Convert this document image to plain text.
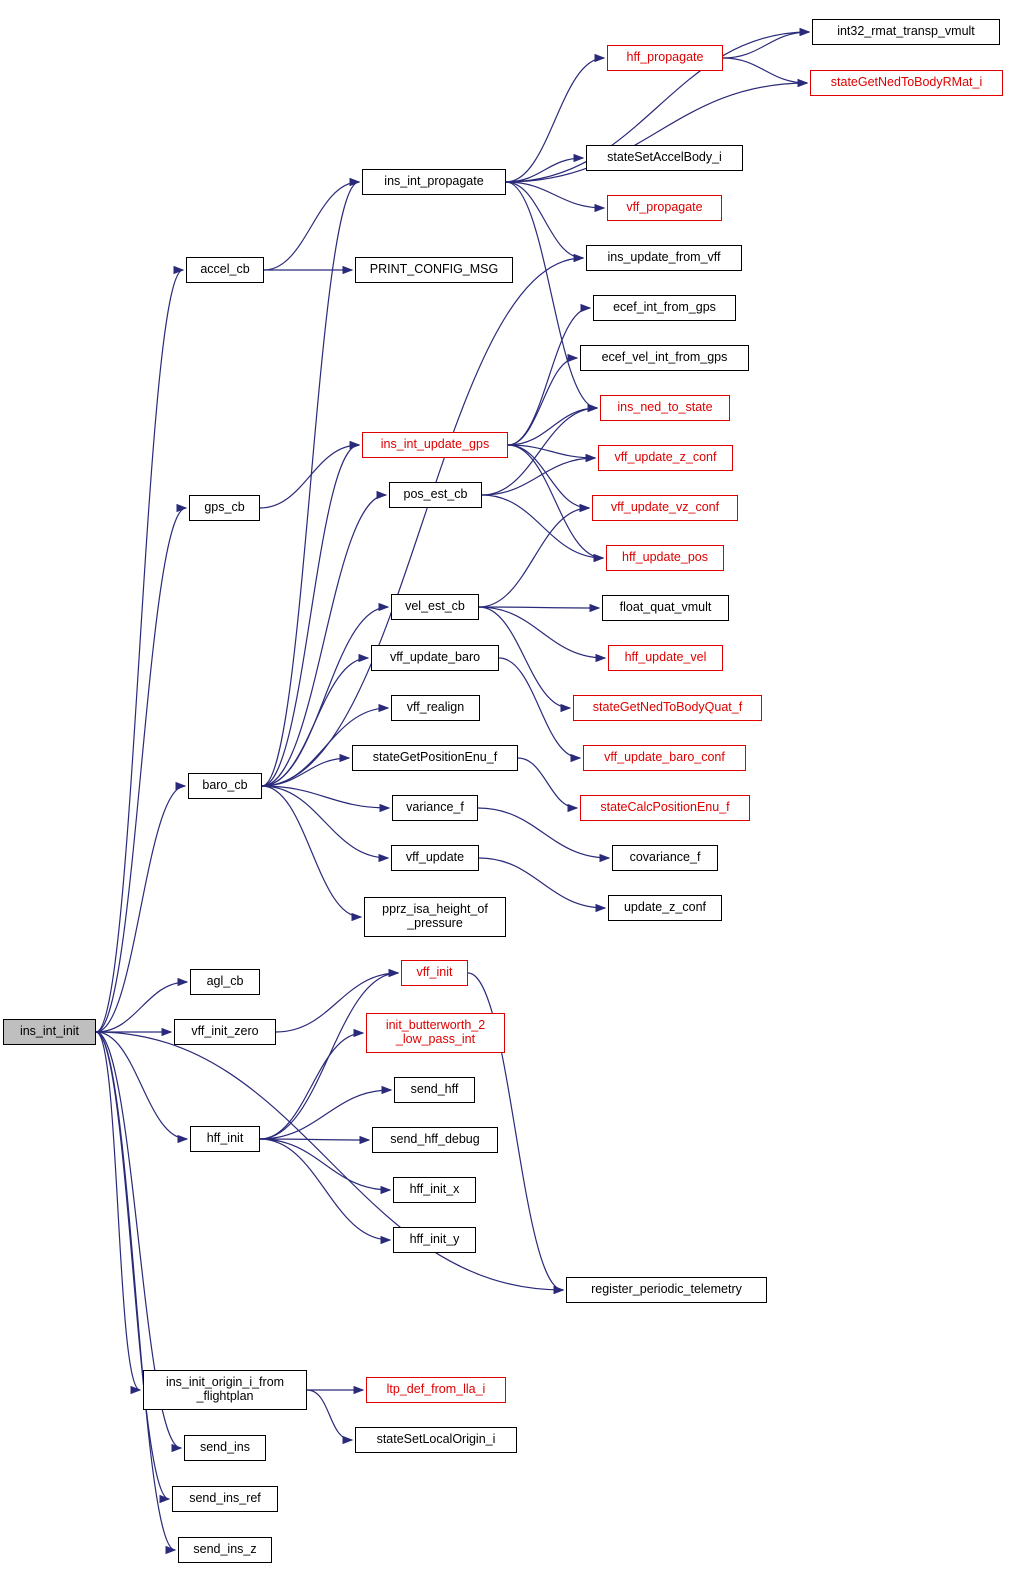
ins_int_init
accel_cb
ins_int_propagate
PRINT_CONFIG_MSG
int32_rmat_transp_vmult
hff_propagate
stateGetNedToBodyRMat_i
stateSetAccelBody_i
vff_propagate
ins_update_from_vff
ecef_int_from_gps
ecef_vel_int_from_gps
ins_ned_to_state
ins_int_update_gps
vff_update_z_conf
gps_cb
pos_est_cb
vff_update_vz_conf
hff_update_pos
vel_est_cb	float_quat_vmult
hff_update_vel
vff_update_baro
stateGetNedToBodyQuat_f
vff_realign
vff_update_baro_conf
stateGetPositionEnu_f
baro_cb
stateCalcPositionEnu_f
variance_f
covariance_f
vff_update
update_z_conf
pprz_isa_height_of
_pressure
agl_cb
vff_init
vff_init_zero	init_butterworth_2
_low_pass_int
send_hff
hff_init	send_hff_debug
hff_init_x
hff_init_y
register_periodic_telemetry
ins_init_origin_i_from
_flightplan	ltp_def_from_lla_i
send_ins
stateSetLocalOrigin_i
send_ins_ref
send_ins_z
